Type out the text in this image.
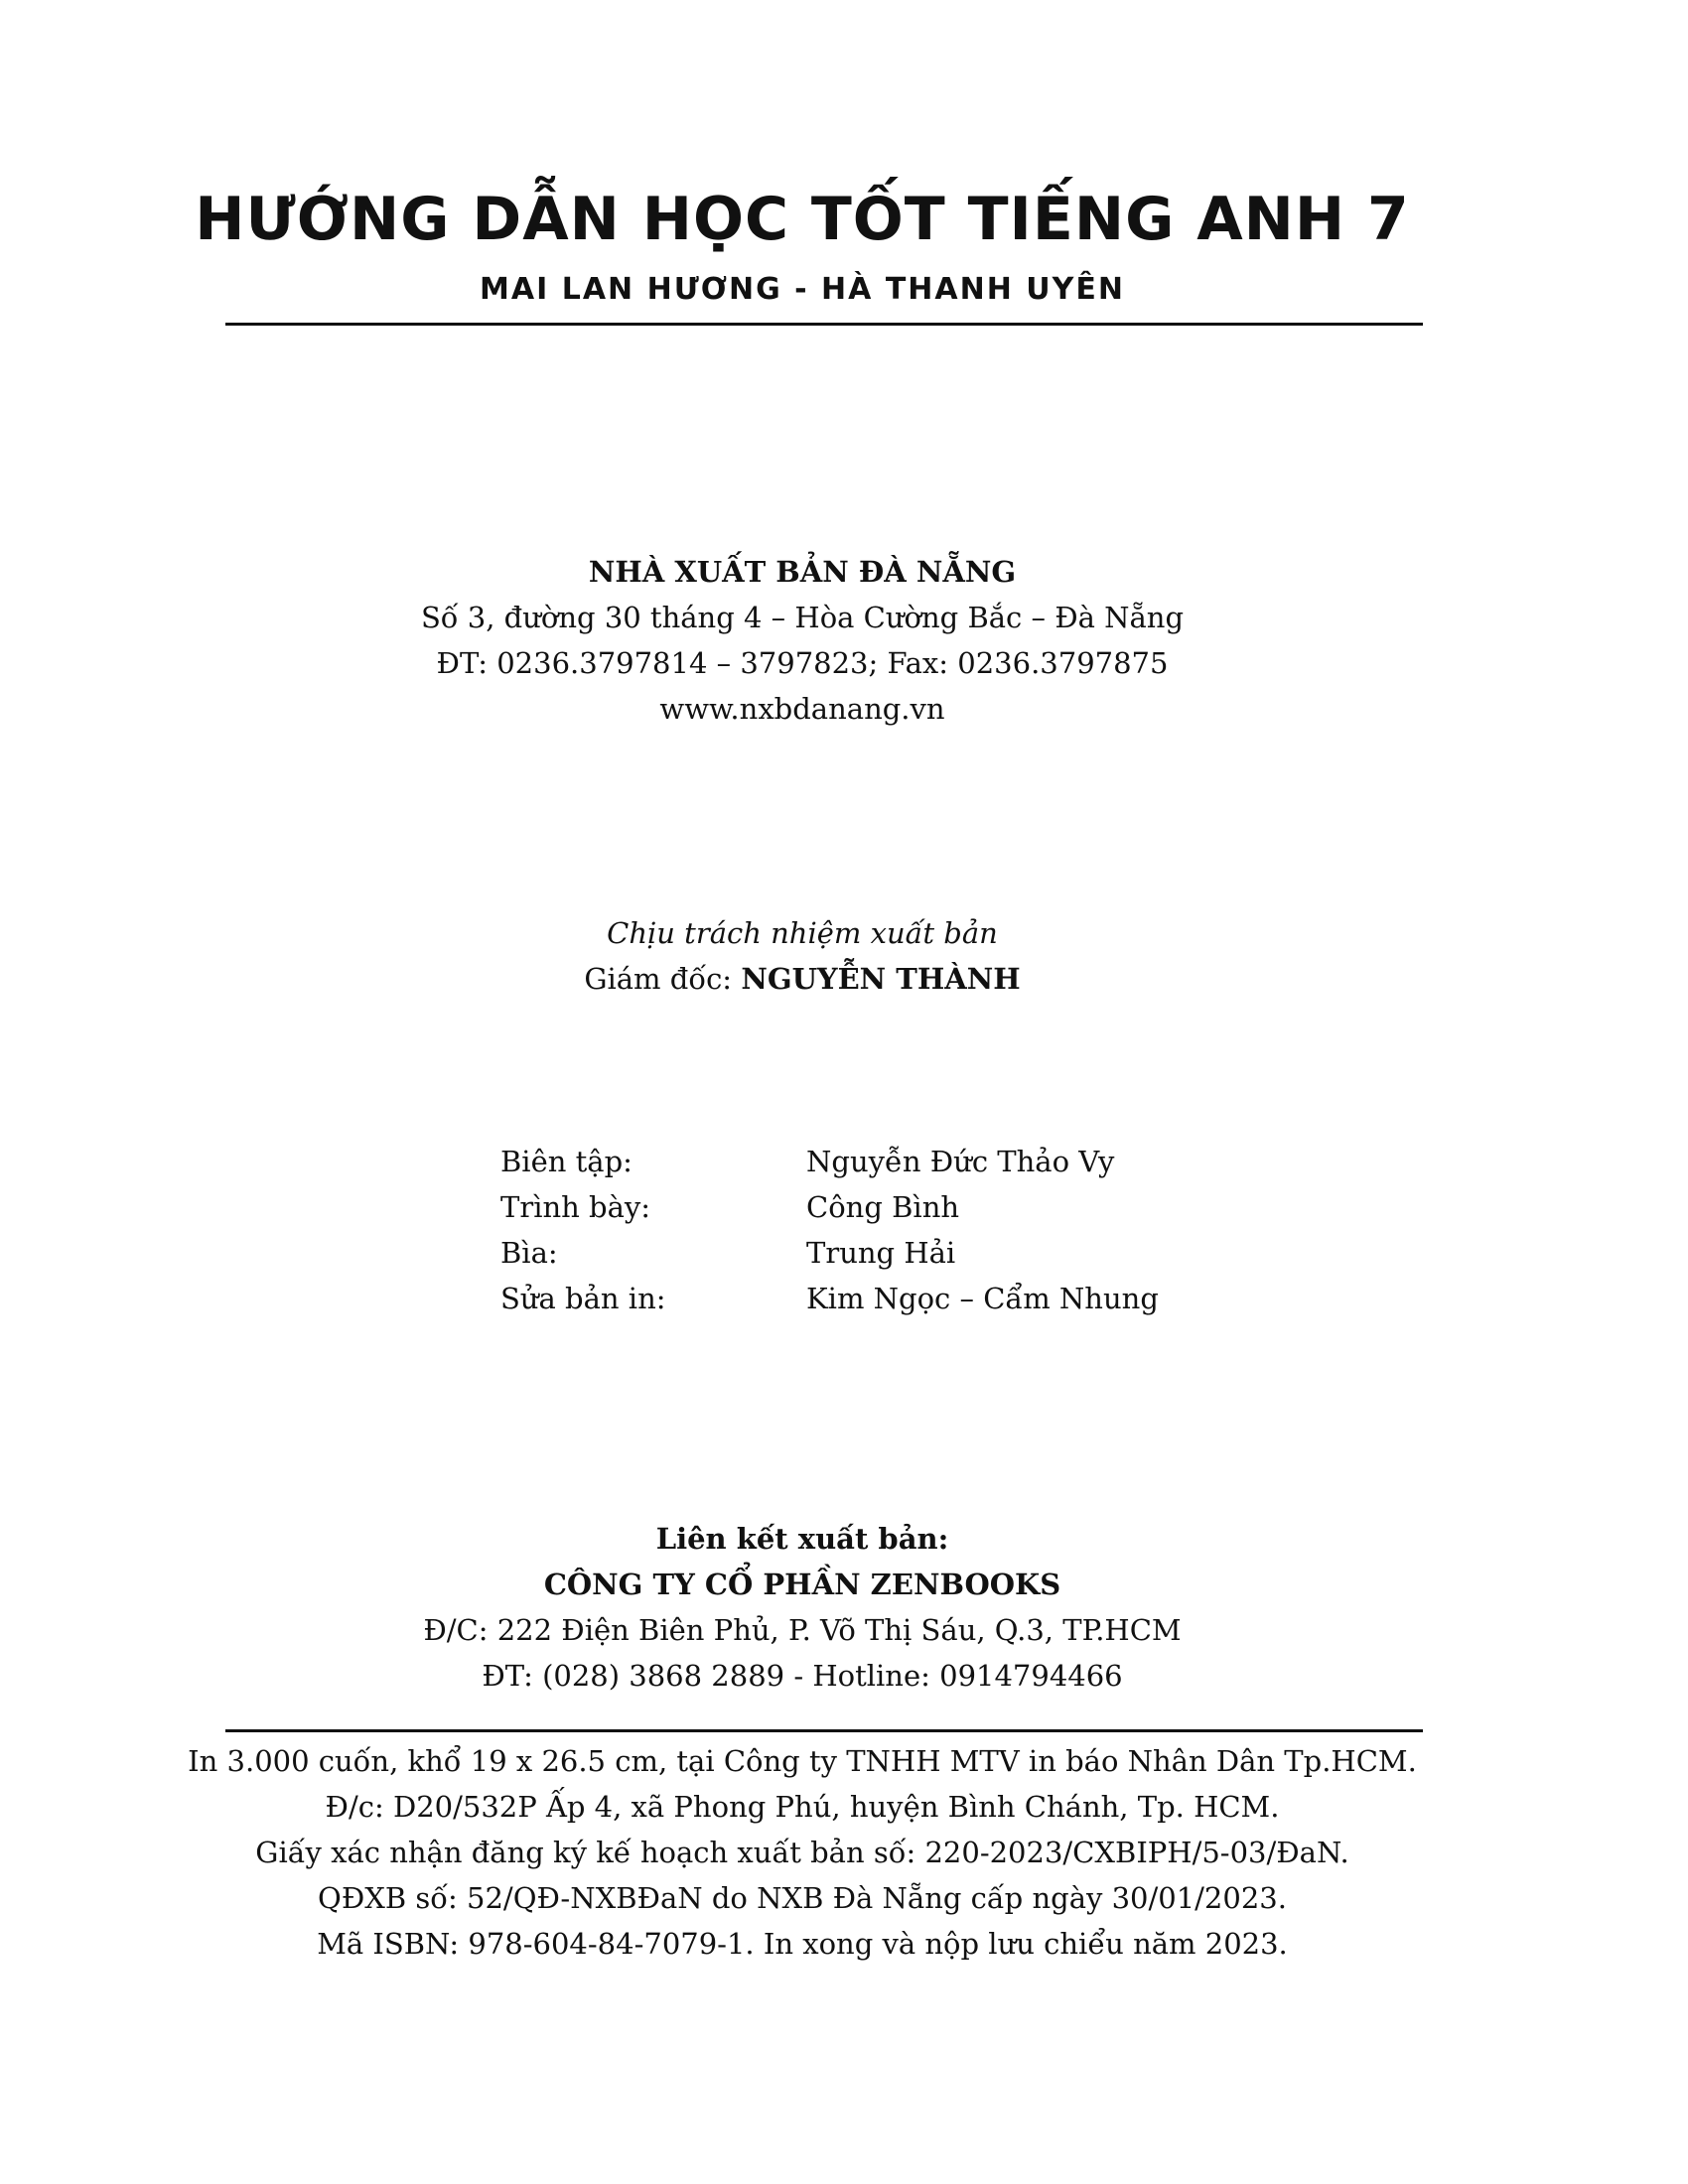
HƯỚNG DẪN HỌC TỐT TIẾNG ANH 7
MAI LAN HƯƠNG - HÀ THANH UYÊN
NHÀ XUẤT BẢN ĐÀ NẴNG
Số 3, đường 30 tháng 4 – Hòa Cường Bắc – Đà Nẵng
ĐT: 0236.3797814 – 3797823; Fax: 0236.3797875
www.nxbdanang.vn
Chịu trách nhiệm xuất bản
Giám đốc: NGUYỄN THÀNH
Biên tập:	Nguyễn Đức Thảo Vy
Trình bày:	Công Bình
Bìa:	Trung Hải
Sửa bản in:	Kim Ngọc – Cẩm Nhung
Liên kết xuất bản:
CÔNG TY CỔ PHẦN ZENBOOKS
Đ/C: 222 Điện Biên Phủ, P. Võ Thị Sáu, Q.3, TP.HCM
ĐT: (028) 3868 2889 - Hotline: 0914794466
In 3.000 cuốn, khổ 19 x 26.5 cm, tại Công ty TNHH MTV in báo Nhân Dân Tp.HCM.
Đ/c: D20/532P Ấp 4, xã Phong Phú, huyện Bình Chánh, Tp. HCM.
Giấy xác nhận đăng ký kế hoạch xuất bản số: 220-2023/CXBIPH/5-03/ĐaN.
QĐXB số: 52/QĐ-NXBĐaN do NXB Đà Nẵng cấp ngày 30/01/2023.
Mã ISBN: 978-604-84-7079-1. In xong và nộp lưu chiểu năm 2023.
